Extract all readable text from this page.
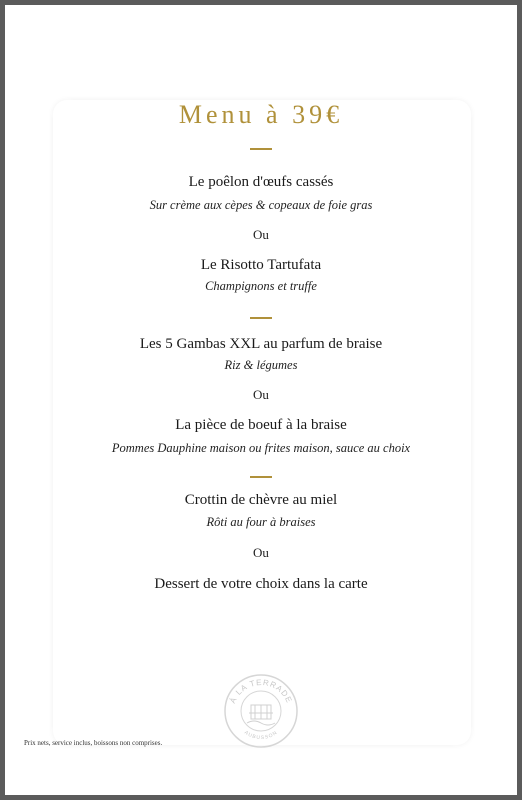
Menu à 39€
Le poêlon d'œufs cassés
Sur crème aux cèpes & copeaux de foie gras
Ou
Le Risotto Tartufata
Champignons et truffe
Les 5 Gambas XXL au parfum de braise
Riz & légumes
Ou
La pièce de boeuf à la braise
Pommes Dauphine maison ou frites maison, sauce au choix
Crottin de chèvre au miel
Rôti au four à braises
Ou
Dessert de votre choix dans la carte
À LA TERRADE
AUBUSSON
Prix nets, service inclus, boissons non comprises.
